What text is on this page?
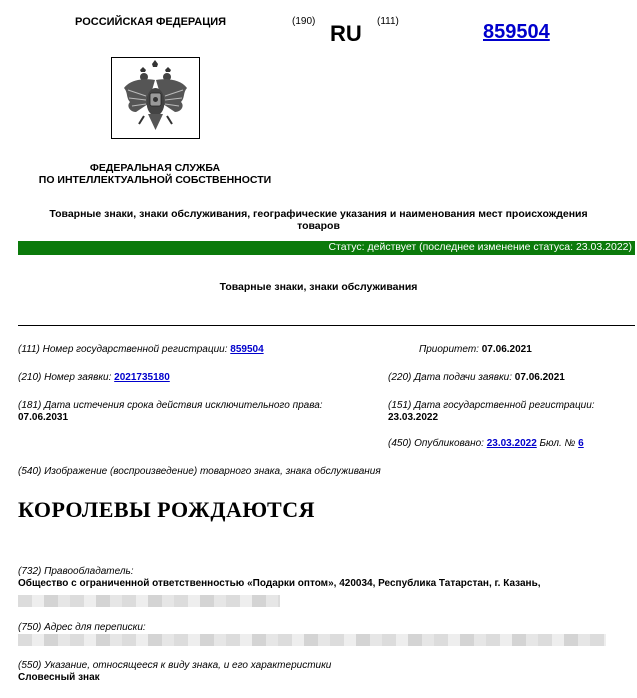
РОССИЙСКАЯ ФЕДЕРАЦИЯ	(190) RU (111)	859504
ФЕДЕРАЛЬНАЯ СЛУЖБА
ПО ИНТЕЛЛЕКТУАЛЬНОЙ СОБСТВЕННОСТИ
Товарные знаки, знаки обслуживания, географические указания и наименования мест происхождения
товаров
Статус: действует (последнее изменение статуса: 23.03.2022)
Товарные знаки, знаки обслуживания
(111) Номер государственной регистрации: 859504	Приоритет: 07.06.2021
(210) Номер заявки: 2021735180	(220) Дата подачи заявки: 07.06.2021
(181) Дата истечения срока действия исключительного права:
07.06.2031
(151) Дата государственной регистрации:
23.03.2022
(450) Опубликовано: 23.03.2022 Бюл. № 6
(540) Изображение (воспроизведение) товарного знака, знака обслуживания
КОРОЛЕВЫ РОЖДАЮТСЯ
(732) Правообладатель:
Общество с ограниченной ответственностью «Подарки оптом», 420034, Республика Татарстан, г. Казань,
(750) Адрес для переписки:
(550) Указание, относящееся к виду знака, и его характеристики
Словесный знак
